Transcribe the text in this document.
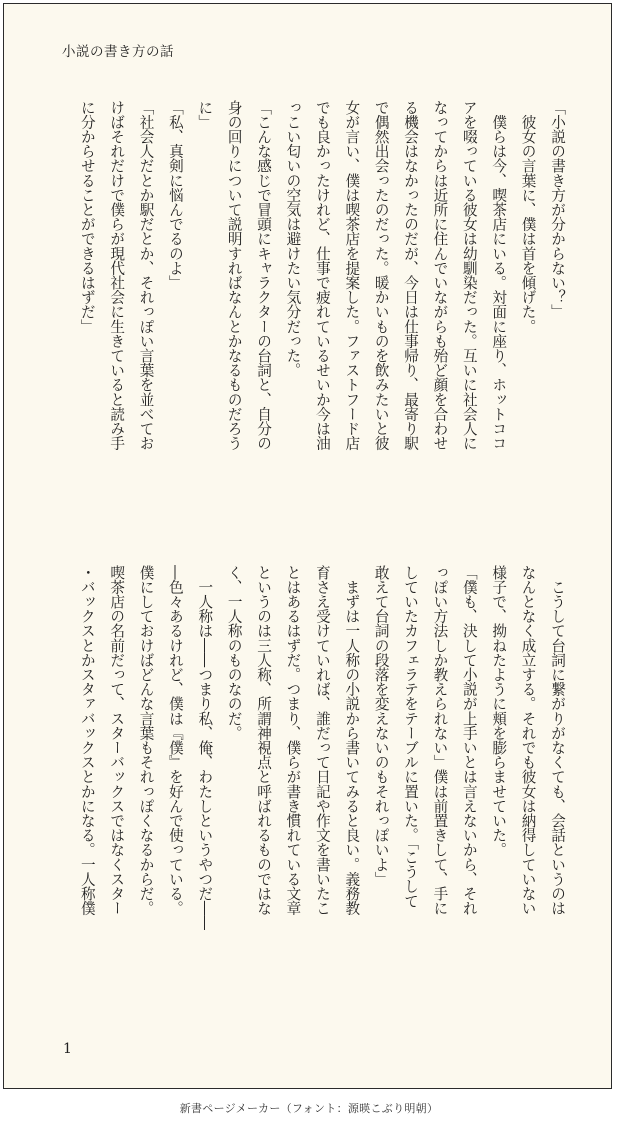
小説の書き方の話
「小説の書き方が分からない？」
　彼女の言葉に、僕は首を傾げた。
　僕らは今、喫茶店にいる。対面に座り、ホットココ
アを啜っている彼女は幼馴染だった。互いに社会人に
なってからは近所に住んでいながらも殆ど顔を合わせ
る機会はなかったのだが、今日は仕事帰り、最寄り駅
で偶然出会ったのだった。暖かいものを飲みたいと彼
女が言い、僕は喫茶店を提案した。ファストフード店
でも良かったけれど、仕事で疲れているせいか今は油
っこい匂いの空気は避けたい気分だった。
「こんな感じで冒頭にキャラクターの台詞と、自分の
身の回りについて説明すればなんとかなるものだろう
に」
「私、真剣に悩んでるのよ」
「社会人だとか駅だとか、それっぽい言葉を並べてお
けばそれだけで僕らが現代社会に生きていると読み手
に分からせることができるはずだ」
　こうして台詞に繋がりがなくても、会話というのは
なんとなく成立する。それでも彼女は納得していない
様子で、拗ねたように頬を膨らませていた。
「僕も、決して小説が上手いとは言えないから、それ
っぽい方法しか教えられない」僕は前置きして、手に
していたカフェラテをテーブルに置いた。「こうして
敢えて台詞の段落を変えないのもそれっぽいよ」
　まずは一人称の小説から書いてみると良い。義務教
育さえ受けていれば、誰だって日記や作文を書いたこ
とはあるはずだ。つまり、僕らが書き慣れている文章
というのは三人称、所謂神視点と呼ばれるものではな
く、一人称のものなのだ。
　一人称は――つまり私、俺、わたしというやつだ――
―色々あるけれど、僕は『僕』を好んで使っている。
僕にしておけばどんな言葉もそれっぽくなるからだ。
喫茶店の名前だって、スターバックスではなくスター
・バックスとかスタァバックスとかになる。一人称僕
1
新書ページメーカー（フォント：源暎こぶり明朝）
